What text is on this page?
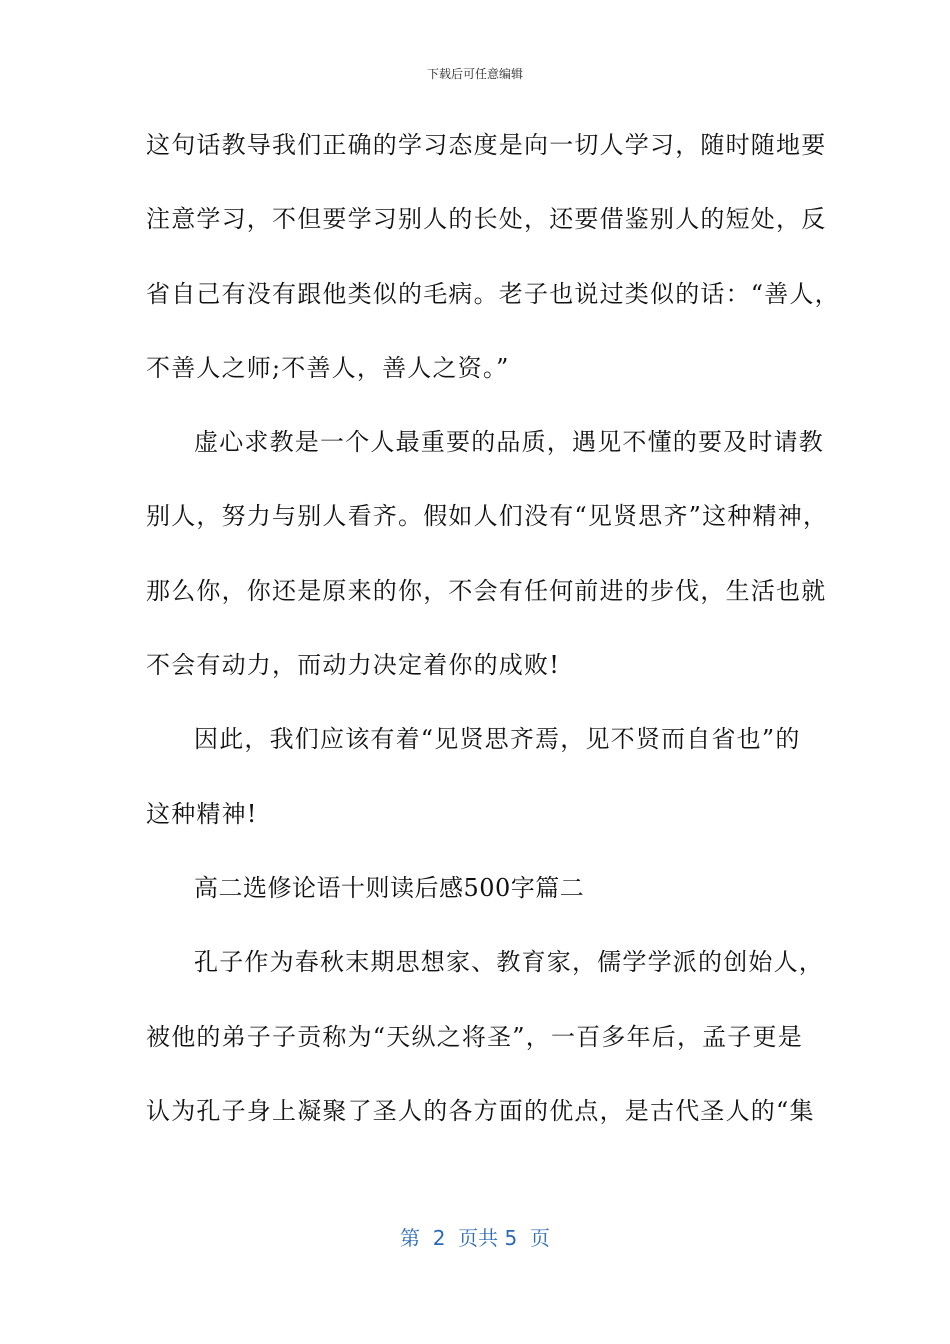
下载后可任意编辑
这句话教导我们正确的学习态度是向一切人学习，随时随地要
注意学习，不但要学习别人的长处，还要借鉴别人的短处，反
省自己有没有跟他类似的毛病。老子也说过类似的话：“善人，
不善人之师;不善人，善人之资。”
虚心求教是一个人最重要的品质，遇见不懂的要及时请教
别人，努力与别人看齐。假如人们没有“见贤思齐”这种精神，
那么你，你还是原来的你，不会有任何前进的步伐，生活也就
不会有动力，而动力决定着你的成败!
因此，我们应该有着“见贤思齐焉，见不贤而自省也”的
这种精神!
高二选修论语十则读后感500字篇二
孔子作为春秋末期思想家、教育家，儒学学派的创始人，
被他的弟子子贡称为“天纵之将圣”，一百多年后，孟子更是
认为孔子身上凝聚了圣人的各方面的优点，是古代圣人的“集
第  2  页共 5  页
